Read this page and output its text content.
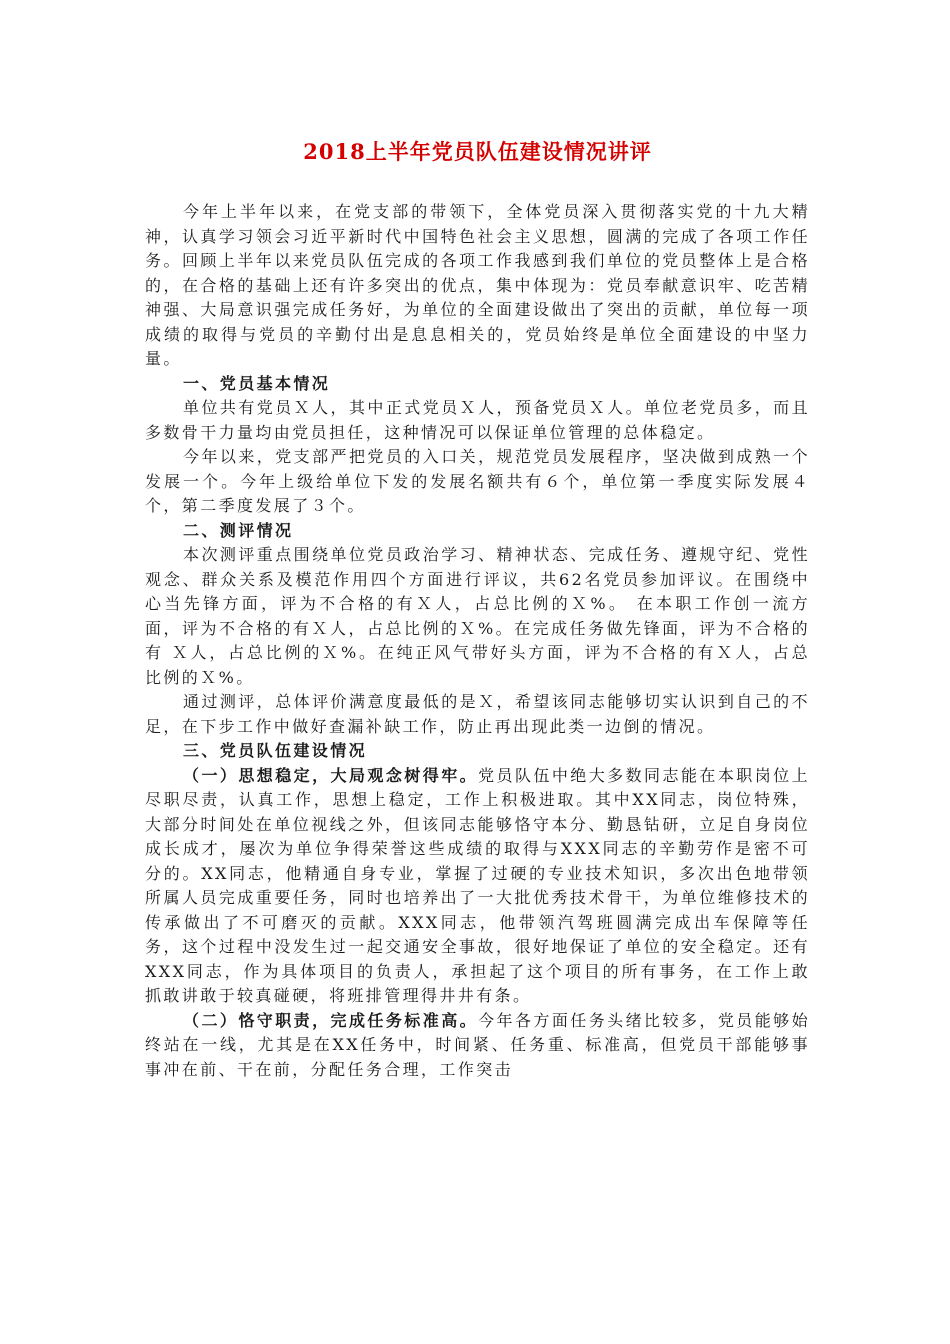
2018上半年党员队伍建设情况讲评

今年上半年以来，在党支部的带领下，全体党员深入贯彻落实党的十九大精神，认真学习领会习近平新时代中国特色社会主义思想，圆满的完成了各项工作任务。回顾上半年以来党员队伍完成的各项工作我感到我们单位的党员整体上是合格的，在合格的基础上还有许多突出的优点，集中体现为：党员奉献意识牢、吃苦精神强、大局意识强完成任务好，为单位的全面建设做出了突出的贡献，单位每一项成绩的取得与党员的辛勤付出是息息相关的，党员始终是单位全面建设的中坚力量。

一、党员基本情况

单位共有党员Ｘ人，其中正式党员Ｘ人，预备党员Ｘ人。单位老党员多，而且多数骨干力量均由党员担任，这种情况可以保证单位管理的总体稳定。

今年以来，党支部严把党员的入口关，规范党员发展程序，坚决做到成熟一个发展一个。今年上级给单位下发的发展名额共有６个，单位第一季度实际发展４个，第二季度发展了３个。

二、测评情况

本次测评重点围绕单位党员政治学习、精神状态、完成任务、遵规守纪、党性观念、群众关系及模范作用四个方面进行评议，共62名党员参加评议。在围绕中心当先锋方面，评为不合格的有Ｘ人，占总比例的Ｘ%。 在本职工作创一流方面，评为不合格的有Ｘ人，占总比例的Ｘ%。在完成任务做先锋面，评为不合格的有 Ｘ人，占总比例的Ｘ%。在纯正风气带好头方面，评为不合格的有Ｘ人，占总比例的Ｘ%。

通过测评，总体评价满意度最低的是Ｘ，希望该同志能够切实认识到自己的不足，在下步工作中做好查漏补缺工作，防止再出现此类一边倒的情况。

三、党员队伍建设情况

（一）思想稳定，大局观念树得牢。党员队伍中绝大多数同志能在本职岗位上尽职尽责，认真工作，思想上稳定，工作上积极进取。其中XX同志，岗位特殊，大部分时间处在单位视线之外，但该同志能够恪守本分、勤恳钻研，立足自身岗位成长成才，屡次为单位争得荣誉这些成绩的取得与XXX同志的辛勤劳作是密不可分的。XX同志，他精通自身专业，掌握了过硬的专业技术知识，多次出色地带领所属人员完成重要任务，同时也培养出了一大批优秀技术骨干，为单位维修技术的传承做出了不可磨灭的贡献。XXX同志，他带领汽驾班圆满完成出车保障等任务，这个过程中没发生过一起交通安全事故，很好地保证了单位的安全稳定。还有XXX同志，作为具体项目的负责人，承担起了这个项目的所有事务，在工作上敢抓敢讲敢于较真碰硬，将班排管理得井井有条。

（二）恪守职责，完成任务标准高。今年各方面任务头绪比较多，党员能够始终站在一线，尤其是在XX任务中，时间紧、任务重、标准高，但党员干部能够事事冲在前、干在前，分配任务合理，工作突击
